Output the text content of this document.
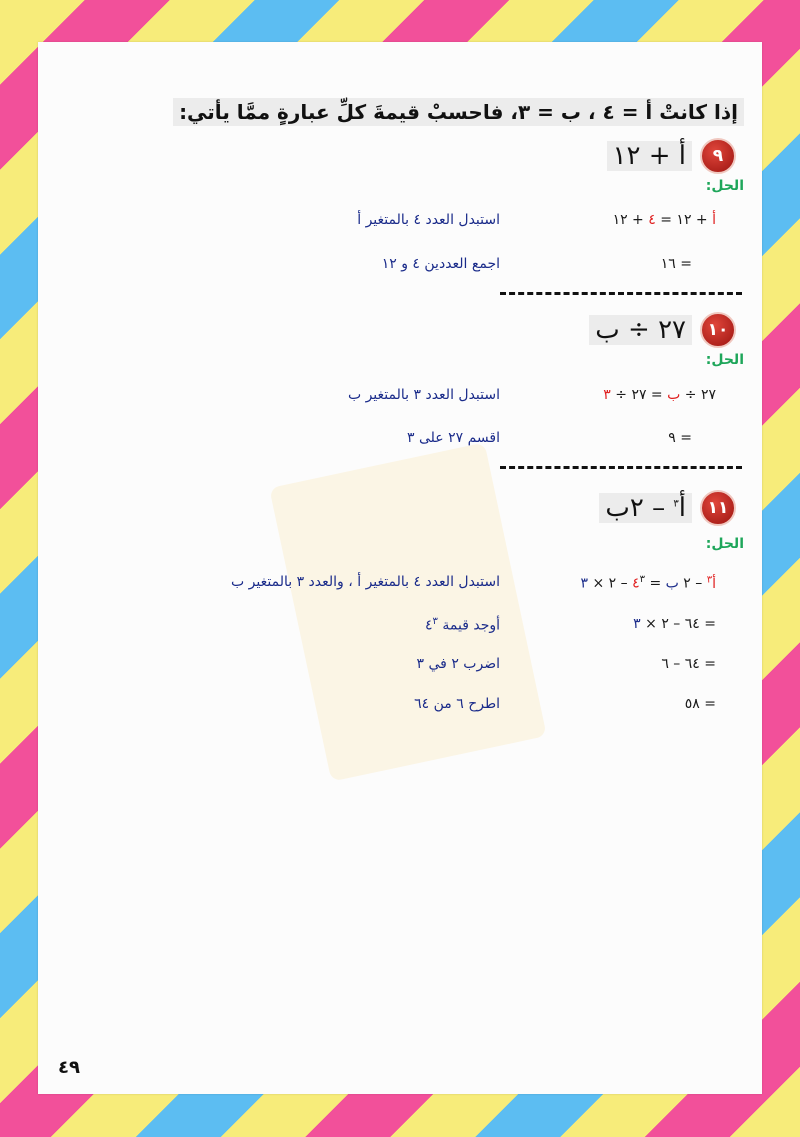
إذا كانتْ أ = ٤ ، ب = ٣، فاحسبْ قيمةَ كلِّ عبارةٍ ممَّا يأتي:
٩
أ + ١٢
الحل:
أ + ١٢ = ٤ + ١٢
استبدل العدد ٤ بالمتغير أ
= ١٦
اجمع العددين ٤ و ١٢
١٠
٢٧ ÷ ب
الحل:
٢٧ ÷ ب = ٢٧ ÷ ٣
استبدل العدد ٣ بالمتغير ب
= ٩
اقسم ٢٧ على ٣
١١
أ$^٣$ – ٢ب
الحل:
أ$^٣$ – ٢ ب = $٤^٣$ – ٢ × ٣
استبدل العدد ٤ بالمتغير أ ، والعدد ٣ بالمتغير ب
= ٦٤ – ٢ × ٣
أوجد قيمة $٤^٣$
= ٦٤ – ٦
اضرب ٢ في ٣
= ٥٨
اطرح ٦ من ٦٤
٤٩
